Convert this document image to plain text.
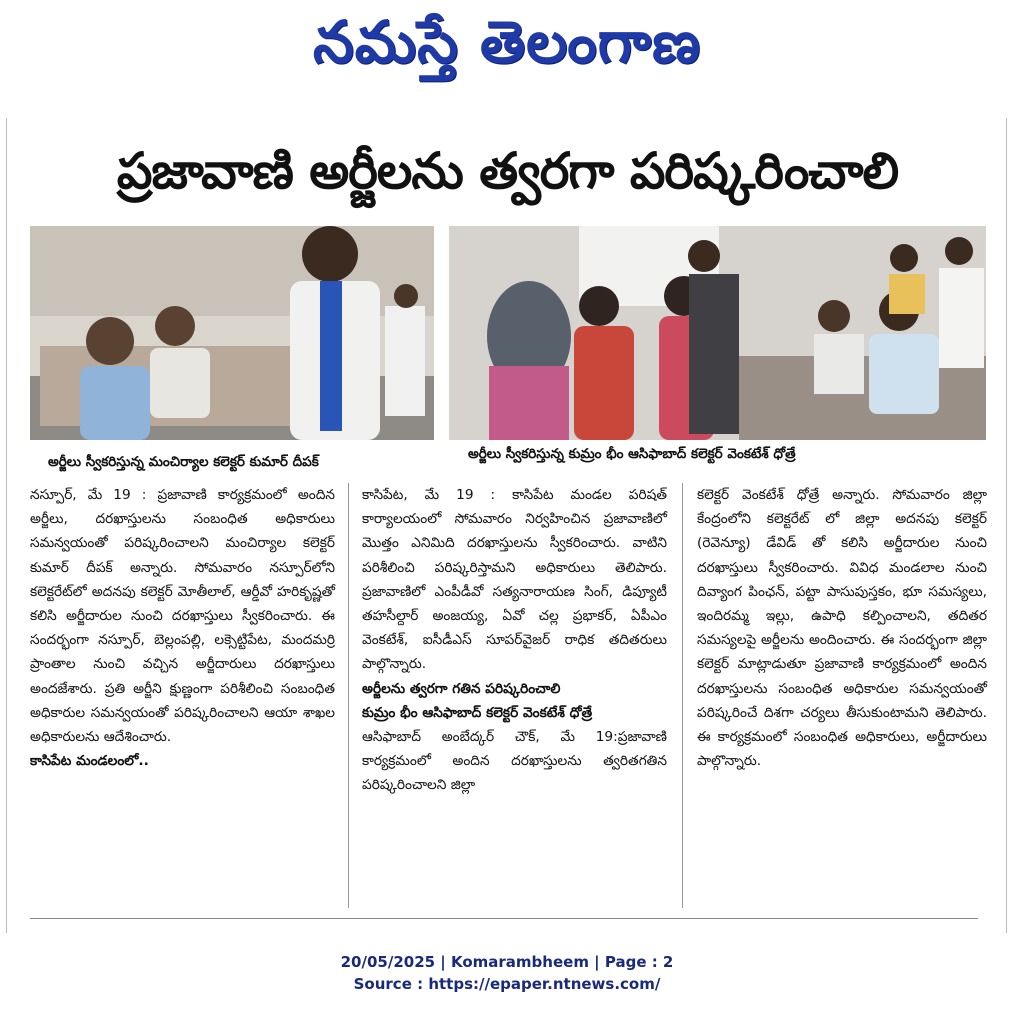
నమస్తే తెలంగాణ
ప్రజావాణి అర్జీలను త్వరగా పరిష్కరించాలి
అర్జీలు స్వీకరిస్తున్న మంచిర్యాల కలెక్టర్ కుమార్ దీపక్	అర్జీలు స్వీకరిస్తున్న కుమ్రం భీం ఆసిఫాబాద్ కలెక్టర్ వెంకటేశ్ ధోత్రే

నస్పూర్, మే 19 : ప్రజావాణి కార్యక్రమంలో అందిన అర్జీలు, దరఖాస్తులను సంబంధిత అధికారులు సమన్వయంతో పరిష్కరించాలని మంచిర్యాల కలెక్టర్ కుమార్ దీపక్ అన్నారు. సోమవారం నస్పూర్‌లోని కలెక్టరేట్‌లో అదనపు కలెక్టర్ మోతీలాల్, ఆర్డీవో హరికృష్ణతో కలిసి అర్జీదారుల నుంచి దరఖాస్తులు స్వీకరించారు. ఈ సందర్భంగా నస్పూర్, బెల్లంపల్లి, లక్సెట్టిపేట, మందమర్రి ప్రాంతాల నుంచి వచ్చిన అర్జీదారులు దరఖాస్తులు అందజేశారు. ప్రతి అర్జీని క్షుణ్ణంగా పరిశీలించి సంబంధిత అధికారుల సమన్వయంతో పరిష్కరించాలని ఆయా శాఖల అధికారులను ఆదేశించారు.

కాసిపేట మండలంలో..

కాసిపేట, మే 19 : కాసిపేట మండల పరిషత్ కార్యాలయంలో సోమవారం నిర్వహించిన ప్రజావాణిలో మొత్తం ఎనిమిది దరఖాస్తులను స్వీకరించారు. వాటిని పరిశీలించి పరిష్కరిస్తామని అధికారులు తెలిపారు. ప్రజావాణిలో ఎంపీడీవో సత్యనారాయణ సింగ్, డిప్యూటీ తహసీల్దార్ అంజయ్య, ఏవో చల్ల ప్రభాకర్, ఏపీఎం వెంకటేశ్, ఐసీడీఎస్ సూపర్‌వైజర్ రాధిక తదితరులు పాల్గొన్నారు.

అర్జీలను త్వరగా గతిన పరిష్కరించాలి

కుమ్రం భీం ఆసిఫాబాద్ కలెక్టర్ వెంకటేశ్ ధోత్రే

ఆసిఫాబాద్ అంబేద్కర్ చౌక్, మే 19:ప్రజావాణి కార్యక్రమంలో అందిన దరఖాస్తులను త్వరితగతిన పరిష్కరించాలని జిల్లా

కలెక్టర్ వెంకటేశ్ ధోత్రే అన్నారు. సోమవారం జిల్లా కేంద్రంలోని కలెక్టరేట్ లో జిల్లా అదనపు కలెక్టర్ (రెవెన్యూ) డేవిడ్ తో కలిసి అర్జీదారుల నుంచి దరఖాస్తులు స్వీకరించారు. వివిధ మండలాల నుంచి దివ్యాంగ పింఛన్, పట్టా పాసుపుస్తకం, భూ సమస్యలు, ఇందిరమ్మ ఇల్లు, ఉపాధి కల్పించాలని, తదితర సమస్యలపై అర్జీలను అందించారు. ఈ సందర్భంగా జిల్లా కలెక్టర్ మాట్లాడుతూ ప్రజావాణి కార్యక్రమంలో అందిన దరఖాస్తులను సంబంధిత అధికారుల సమన్వయంతో పరిష్కరించే దిశగా చర్యలు తీసుకుంటామని తెలిపారు. ఈ కార్యక్రమంలో సంబంధిత అధికారులు, అర్జీదారులు పాల్గొన్నారు.

20/05/2025 | Komarambheem | Page : 2
Source : https://epaper.ntnews.com/
